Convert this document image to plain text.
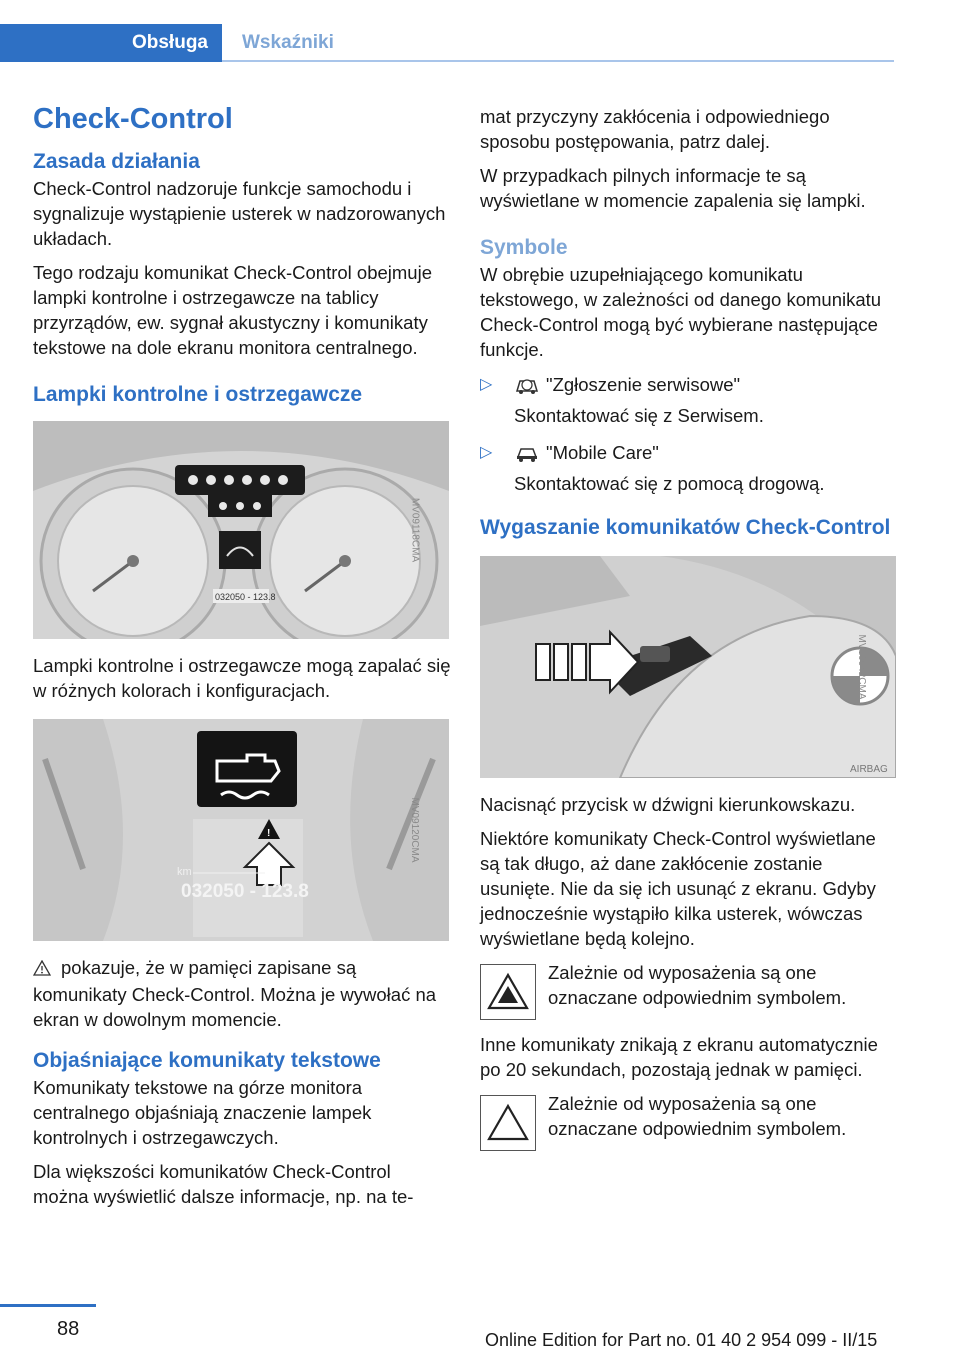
Obsługa	Wskaźniki
Check-Control
Zasada działania

Check-Control nadzoruje funkcje samochodu i sygnalizuje wystąpienie usterek w nadzorowanych układach.

Tego rodzaju komunikat Check-Control obejmuje lampki kontrolne i ostrzegawcze na tablicy przyrządów, ew. sygnał akustyczny i komunikaty tekstowe na dole ekranu monitora centralnego.

Lampki kontrolne i ostrzegawcze
032050 - 123.8
MV09118CMA

Lampki kontrolne i ostrzegawcze mogą zapalać się w różnych kolorach i konfiguracjach.

!
km
032050 - 123.8
MV09120CMA

pokazuje, że w pamięci zapisane są komunikaty Check-Control. Można je wywołać na ekran w dowolnym momencie.

Objaśniające komunikaty tekstowe

Komunikaty tekstowe na górze monitora centralnego objaśniają znaczenie lampek kontrolnych i ostrzegawczych.

Dla większości komunikatów Check-Control można wyświetlić dalsze informacje, np. na te-

mat przyczyny zakłócenia i odpowiedniego sposobu postępowania, patrz dalej.

W przypadkach pilnych informacje te są wyświetlane w momencie zapalenia się lampki.

Symbole

W obrębie uzupełniającego komunikatu tekstowego, w zależności od danego komunikatu Check-Control mogą być wybierane następujące funkcje.

▷	"Zgłoszenie serwisowe"

Skontaktować się z Serwisem.

▷	"Mobile Care"

Skontaktować się z pomocą drogową.

Wygaszanie komunikatów Check-Control
AIRBAG
MV10042CMA

Nacisnąć przycisk w dźwigni kierunkowskazu.

Niektóre komunikaty Check-Control wyświetlane są tak długo, aż dane zakłócenie zostanie usunięte. Nie da się ich usunąć z ekranu. Gdyby jednocześnie wystąpiło kilka usterek, wówczas wyświetlane będą kolejno.

Zależnie od wyposażenia są one oznaczane odpowiednim symbolem.

Inne komunikaty znikają z ekranu automatycznie po 20 sekundach, pozostają jednak w pamięci.

Zależnie od wyposażenia są one oznaczane odpowiednim symbolem.

88	Online Edition for Part no. 01 40 2 954 099 - II/15
